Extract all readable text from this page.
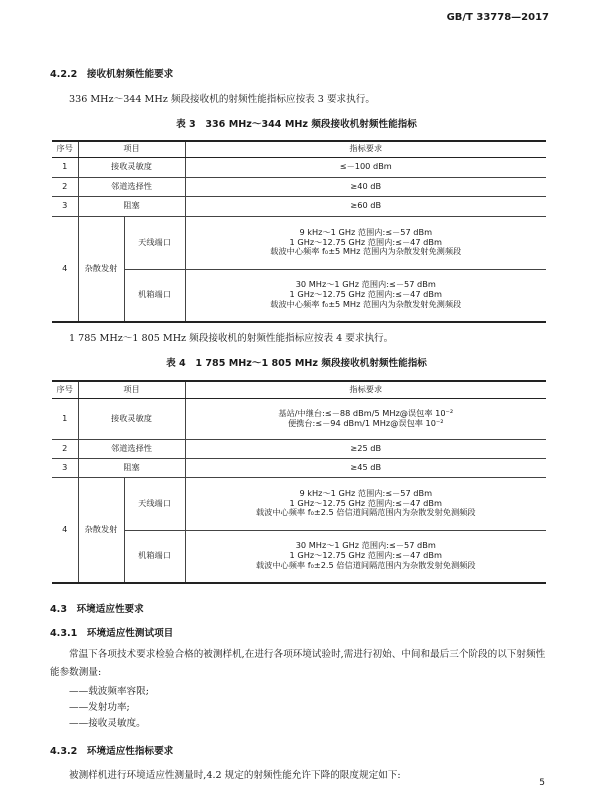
GB/T 33778—2017
4.2.2　接收机射频性能要求
336 MHz～344 MHz 频段接收机的射频性能指标应按表 3 要求执行。
表 3　336 MHz～344 MHz 频段接收机射频性能指标
序号	项目		指标要求
1	接收灵敏度		≤－100 dBm
2	邻道选择性		≥40 dB
3	阻塞		≥60 dB
4	杂散发射	天线端口	9 kHz～1 GHz 范围内:≤－57 dBm
1 GHz～12.75 GHz 范围内:≤－47 dBm
载波中心频率 f₀±5 MHz 范围内为杂散发射免测频段

		机箱端口	30 MHz～1 GHz 范围内:≤－57 dBm
1 GHz～12.75 GHz 范围内:≤－47 dBm
载波中心频率 f₀±5 MHz 范围内为杂散发射免测频段
1 785 MHz～1 805 MHz 频段接收机的射频性能指标应按表 4 要求执行。
表 4　1 785 MHz～1 805 MHz 频段接收机射频性能指标
序号	项目		指标要求
1	接收灵敏度		基站/中继台:≤－88 dBm/5 MHz@误包率 10⁻²
便携台:≤－94 dBm/1 MHz@误包率 10⁻²

2	邻道选择性		≥25 dB
3	阻塞		≥45 dB
4	杂散发射	天线端口	9 kHz～1 GHz 范围内:≤－57 dBm
1 GHz～12.75 GHz 范围内:≤－47 dBm
载波中心频率 f₀±2.5 倍信道间隔范围内为杂散发射免测频段

		机箱端口	30 MHz～1 GHz 范围内:≤－57 dBm
1 GHz～12.75 GHz 范围内:≤－47 dBm
载波中心频率 f₀±2.5 倍信道间隔范围内为杂散发射免测频段
4.3　环境适应性要求
4.3.1　环境适应性测试项目
常温下各项技术要求检验合格的被测样机,在进行各项环境试验时,需进行初始、中间和最后三个阶段的以下射频性能参数测量:
——载波频率容限;
——发射功率;
——接收灵敏度。
4.3.2　环境适应性指标要求
被测样机进行环境适应性测量时,4.2 规定的射频性能允许下降的限度规定如下:
5
